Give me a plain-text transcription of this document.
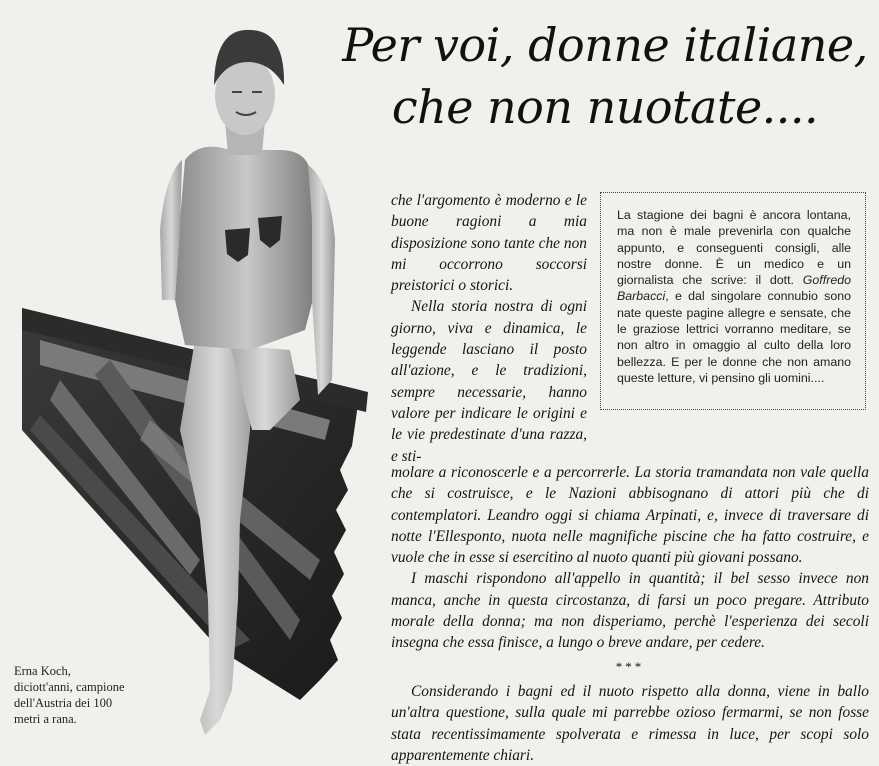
Per voi, donne italiane,
che non nuotate....

che l'argomento è moderno e le buone ragioni a mia disposizione sono tante che non mi occorrono soccorsi preistorici o storici.

Nella storia nostra di ogni giorno, viva e dinamica, le leggende lasciano il posto all'azione, e le tradizioni, sempre necessarie, hanno valore per indicare le origini e le vie predestinate d'una razza, e sti-

La stagione dei bagni è ancora lontana, ma non è male prevenirla con qualche appunto, e conseguenti consigli, alle nostre donne. È un medico e un giornalista che scrive: il dott. Goffredo Barbacci, e dal singolare connubio sono nate queste pagine allegre e sensate, che le graziose lettrici vorranno meditare, se non altro in omaggio al culto della loro bellezza. E per le donne che non amano queste letture, vi pensino gli uomini....

molare a riconoscerle e a percorrerle. La storia tramandata non vale quella che si costruisce, e le Nazioni abbisognano di attori più che di contemplatori. Leandro oggi si chiama Arpinati, e, invece di traversare di notte l'Ellesponto, nuota nelle magnifiche piscine che ha fatto costruire, e vuole che in esse si esercitino al nuoto quanti più giovani possano.

I maschi rispondono all'appello in quantità; il bel sesso invece non manca, anche in questa circostanza, di farsi un poco pregare. Attributo morale della donna; ma non disperiamo, perchè l'esperienza dei secoli insegna che essa finisce, a lungo o breve andare, per cedere.

***

Considerando i bagni ed il nuoto rispetto alla donna, viene in ballo un'altra questione, sulla quale mi parrebbe ozioso fermarmi, se non fosse stata recentissimamente spolverata e rimessa in luce, per scopi solo apparentemente chiari.

Erna Koch,
diciott'anni, campione
dell'Austria dei 100
metri a rana.
